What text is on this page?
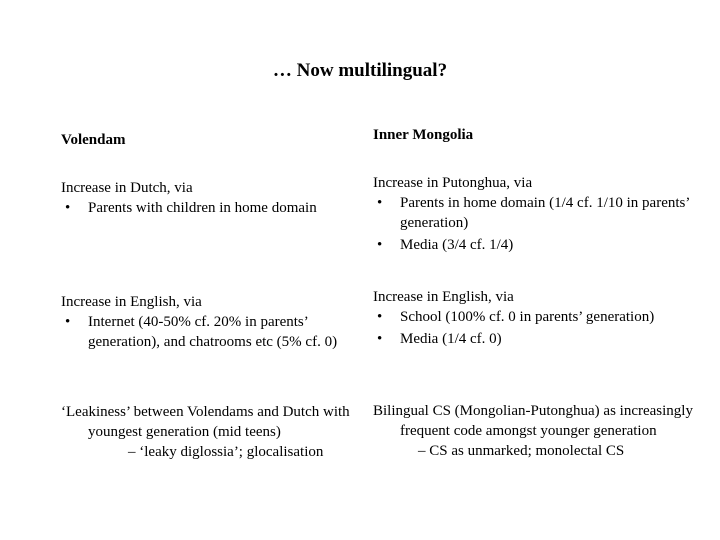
… Now multilingual?
Volendam
Increase in Dutch, via
• Parents with children in home domain
Increase in English, via
• Internet (40-50% cf. 20% in parents’ generation), and chatrooms etc (5% cf. 0)
‘Leakiness’ between Volendams and Dutch with youngest generation (mid teens)
– ‘leaky diglossia’; glocalisation
Inner Mongolia
Increase in Putonghua, via
• Parents in home domain (1/4 cf. 1/10 in parents’ generation)
• Media (3/4 cf. 1/4)
Increase in English, via
• School (100% cf. 0 in parents’ generation)
• Media (1/4 cf. 0)
Bilingual CS (Mongolian-Putonghua) as increasingly frequent code amongst younger generation
– CS as unmarked; monolectal CS
